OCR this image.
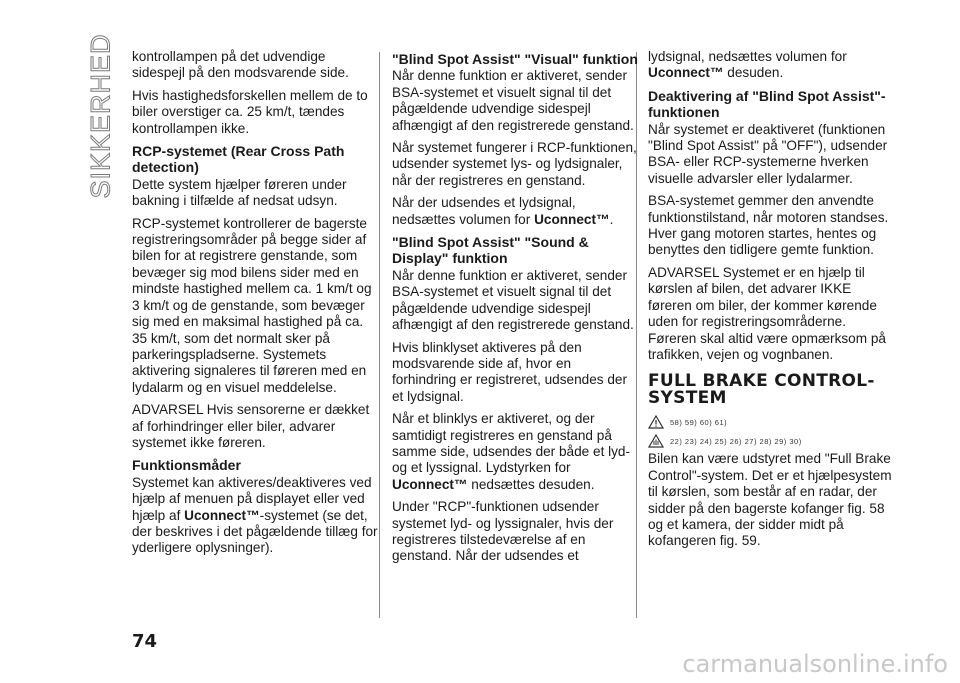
SIKKERHED kontrollampen på det udvendige sidespejl på den modsvarende side.

Hvis hastighedsforskellen mellem de to biler overstiger ca. 25 km/t, tændes kontrollampen ikke.

RCP-systemet (Rear Cross Path detection)

Dette system hjælper føreren under bakning i tilfælde af nedsat udsyn.

RCP-systemet kontrollerer de bagerste registreringsområder på begge sider af bilen for at registrere genstande, som bevæger sig mod bilens sider med en mindste hastighed mellem ca. 1 km/t og 3 km/t og de genstande, som bevæger sig med en maksimal hastighed på ca. 35 km/t, som det normalt sker på parkeringspladserne. Systemets aktivering signaleres til føreren med en lydalarm og en visuel meddelelse.

ADVARSEL Hvis sensorerne er dækket af forhindringer eller biler, advarer systemet ikke føreren.

Funktionsmåder

Systemet kan aktiveres/deaktiveres ved hjælp af menuen på displayet eller ved hjælp af Uconnect™-systemet (se det, der beskrives i det pågældende tillæg for yderligere oplysninger).

"Blind Spot Assist" "Visual" funktion

Når denne funktion er aktiveret, sender BSA-systemet et visuelt signal til det pågældende udvendige sidespejl afhængigt af den registrerede genstand.

Når systemet fungerer i RCP-funktionen, udsender systemet lys- og lydsignaler, når der registreres en genstand.

Når der udsendes et lydsignal, nedsættes volumen for Uconnect™.

"Blind Spot Assist" "Sound & Display" funktion

Når denne funktion er aktiveret, sender BSA-systemet et visuelt signal til det pågældende udvendige sidespejl afhængigt af den registrerede genstand.

Hvis blinklyset aktiveres på den modsvarende side af, hvor en forhindring er registreret, udsendes der et lydsignal.

Når et blinklys er aktiveret, og der samtidigt registreres en genstand på samme side, udsendes der både et lyd- og et lyssignal. Lydstyrken for Uconnect™ nedsættes desuden.

Under "RCP"-funktionen udsender systemet lyd- og lyssignaler, hvis der registreres tilstedeværelse af en genstand. Når der udsendes et

lydsignal, nedsættes volumen for Uconnect™ desuden.

Deaktivering af "Blind Spot Assist"-funktionen

Når systemet er deaktiveret (funktionen "Blind Spot Assist" på "OFF"), udsender BSA- eller RCP-systemerne hverken visuelle advarsler eller lydalarmer.

BSA-systemet gemmer den anvendte funktionstilstand, når motoren standses. Hver gang motoren startes, hentes og benyttes den tidligere gemte funktion.

ADVARSEL Systemet er en hjælp til kørslen af bilen, det advarer IKKE føreren om biler, der kommer kørende uden for registreringsområderne. Føreren skal altid være opmærksom på trafikken, vejen og vognbanen.

FULL BRAKE CONTROL-SYSTEM
58) 59) 60) 61)
22) 23) 24) 25) 26) 27) 28) 29) 30)

Bilen kan være udstyret med "Full Brake Control"-system. Det er et hjælpesystem til kørslen, som består af en radar, der sidder på den bagerste kofanger fig. 58 og et kamera, der sidder midt på kofangeren fig. 59.

74
carmanualsonline.info
